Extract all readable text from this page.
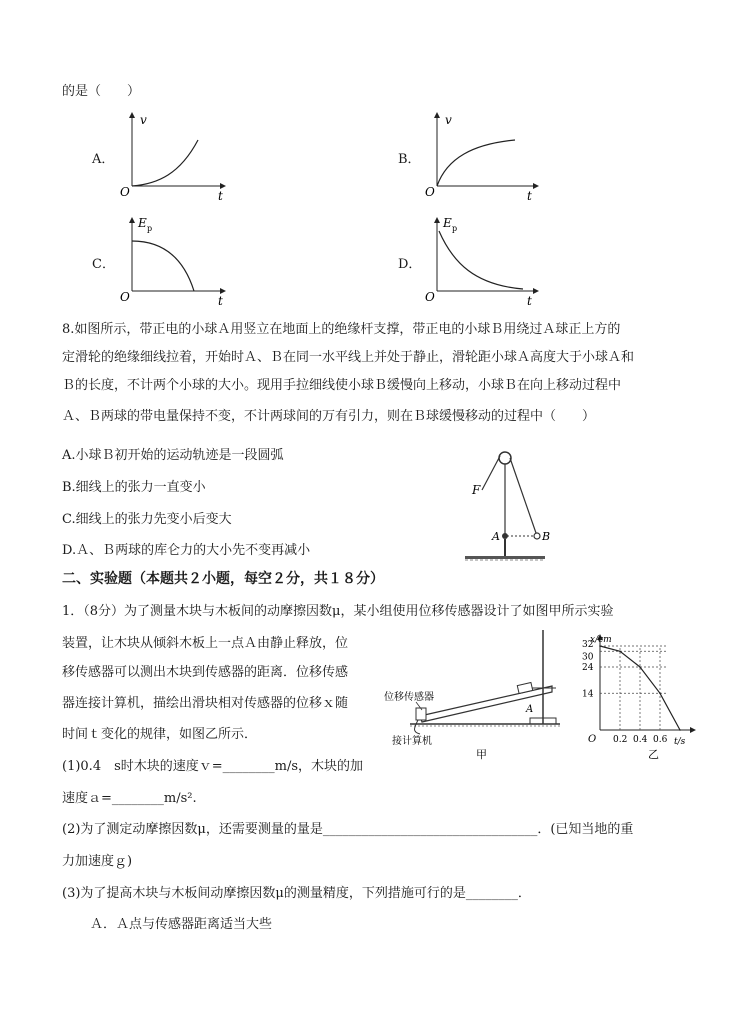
的是（　　）
A．
v
O	t
B．
v
O	t
C．
E p
O	t
D．
E p
O	t
8.如图所示，带正电的小球Ａ用竖立在地面上的绝缘杆支撑，带正电的小球Ｂ用绕过Ａ球正上方的
定滑轮的绝缘细线拉着，开始时Ａ、Ｂ在同一水平线上并处于静止，滑轮距小球Ａ高度大于小球Ａ和
Ｂ的长度，不计两个小球的大小。现用手拉细线使小球Ｂ缓慢向上移动，小球Ｂ在向上移动过程中
Ａ、Ｂ两球的带电量保持不变，不计两球间的万有引力，则在Ｂ球缓慢移动的过程中（　　）
A.小球Ｂ初开始的运动轨迹是一段圆弧
B.细线上的张力一直变小
C.细线上的张力先变小后变大
D.Ａ、Ｂ两球的库仑力的大小先不变再减小
F
A	B
二、实验题（本题共２小题，每空２分，共１８分）
1．（8分）为了测量木块与木板间的动摩擦因数μ，某小组使用位移传感器设计了如图甲所示实验
装置，让木块从倾斜木板上一点Ａ由静止释放，位
移传感器可以测出木块到传感器的距离．位移传感
器连接计算机，描绘出滑块相对传感器的位移ｘ随
时间ｔ变化的规律，如图乙所示．
(1)0.4　s时木块的速度ｖ=________m/s，木块的加
速度ａ=________m/s².
(2)为了测定动摩擦因数μ，还需要测量的量是_________________________________．(已知当地的重
力加速度ｇ)
(3)为了提高木块与木板间动摩擦因数μ的测量精度，下列措施可行的是________．
Ａ．Ａ点与传感器距离适当大些
位移传感器
接计算机
A
甲
0.2 0.4 0.6
14
24
30
32
x/cm
t/s
O
乙
